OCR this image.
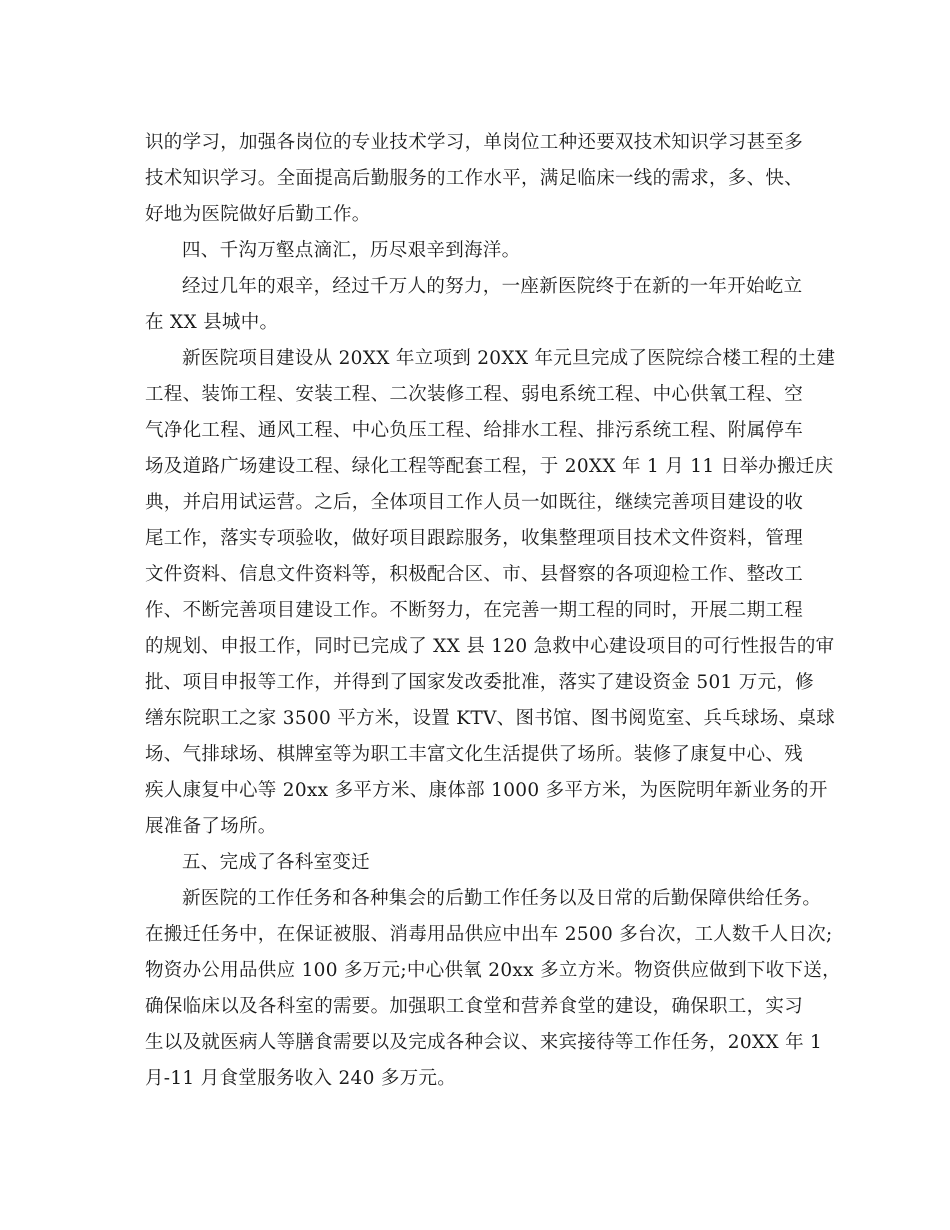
识的学习，加强各岗位的专业技术学习，单岗位工种还要双技术知识学习甚至多
技术知识学习。全面提高后勤服务的工作水平，满足临床一线的需求，多、快、
好地为医院做好后勤工作。
四、千沟万壑点滴汇，历尽艰辛到海洋。
经过几年的艰辛，经过千万人的努力，一座新医院终于在新的一年开始屹立
在 XX 县城中。
新医院项目建设从 20XX 年立项到 20XX 年元旦完成了医院综合楼工程的土建
工程、装饰工程、安装工程、二次装修工程、弱电系统工程、中心供氧工程、空
气净化工程、通风工程、中心负压工程、给排水工程、排污系统工程、附属停车
场及道路广场建设工程、绿化工程等配套工程，于 20XX 年 1 月 11 日举办搬迁庆
典，并启用试运营。之后，全体项目工作人员一如既往，继续完善项目建设的收
尾工作，落实专项验收，做好项目跟踪服务，收集整理项目技术文件资料，管理
文件资料、信息文件资料等，积极配合区、市、县督察的各项迎检工作、整改工
作、不断完善项目建设工作。不断努力，在完善一期工程的同时，开展二期工程
的规划、申报工作，同时已完成了 XX 县 120 急救中心建设项目的可行性报告的审
批、项目申报等工作，并得到了国家发改委批准，落实了建设资金 501 万元，修
缮东院职工之家 3500 平方米，设置 KTV、图书馆、图书阅览室、兵乓球场、桌球
场、气排球场、棋牌室等为职工丰富文化生活提供了场所。装修了康复中心、残
疾人康复中心等 20xx 多平方米、康体部 1000 多平方米，为医院明年新业务的开
展准备了场所。
五、完成了各科室变迁
新医院的工作任务和各种集会的后勤工作任务以及日常的后勤保障供给任务。
在搬迁任务中，在保证被服、消毒用品供应中出车 2500 多台次，工人数千人日次;
物资办公用品供应 100 多万元;中心供氧 20xx 多立方米。物资供应做到下收下送，
确保临床以及各科室的需要。加强职工食堂和营养食堂的建设，确保职工，实习
生以及就医病人等膳食需要以及完成各种会议、来宾接待等工作任务，20XX 年 1
月-11 月食堂服务收入 240 多万元。
